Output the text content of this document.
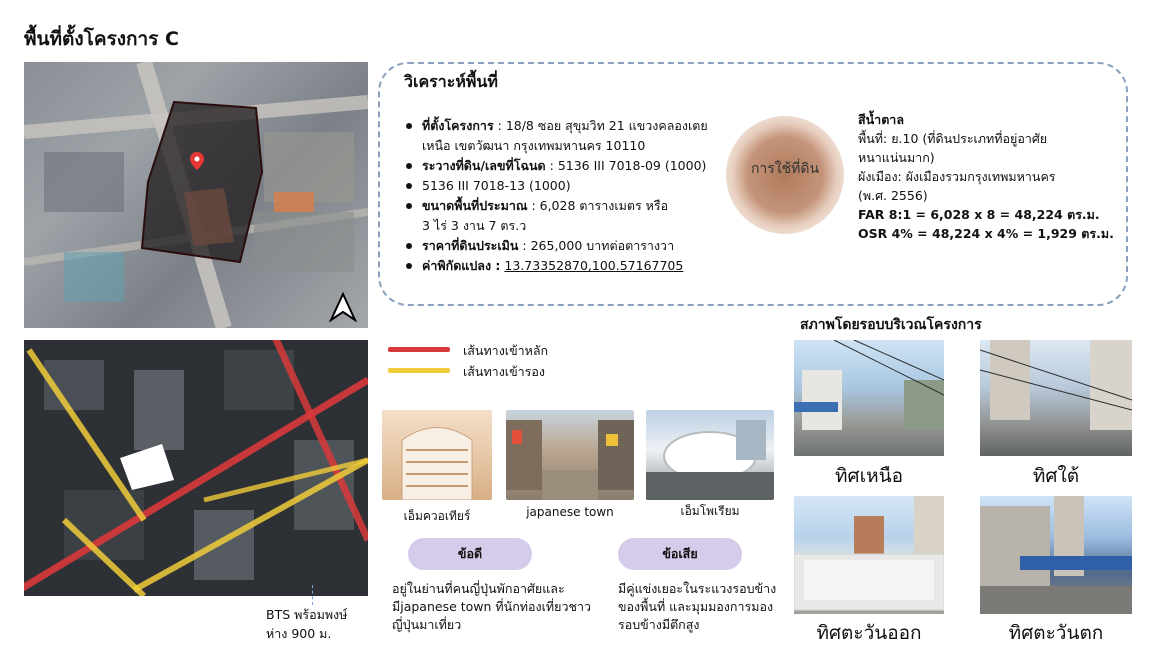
พื้นที่ตั้งโครงการ C
BTS พร้อมพงษ์
ห่าง 900 ม.
วิเคราะห์พื้นที่
ที่ตั้งโครงการ : 18/8 ซอย สุขุมวิท 21 แขวงคลองเตย
เหนือ เขตวัฒนา กรุงเทพมหานคร 10110
ระวางที่ดิน/เลขที่โฉนด : 5136 III 7018-09 (1000)
5136 III 7018-13 (1000)
ขนาดพื้นที่ประมาณ : 6,028 ตารางเมตร หรือ
3 ไร่ 3 งาน 7 ตร.ว
ราคาที่ดินประเมิน : 265,000 บาทต่อตารางวา
ค่าพิกัดแปลง : 13.73352870,100.57167705
การใช้ที่ดิน
สีน้ำตาล
พื้นที่: ย.10 (ที่ดินประเภทที่อยู่อาศัย
หนาแน่นมาก)
ผังเมือง: ผังเมืองรวมกรุงเทพมหานคร
(พ.ศ. 2556)
FAR 8:1 = 6,028 x 8 = 48,224 ตร.ม.
OSR 4% = 48,224 x 4% = 1,929 ตร.ม.
เส้นทางเข้าหลัก
เส้นทางเข้ารอง
เอ็มควอเทียร์	japanese town	เอ็มโพเรียม
ข้อดี	ข้อเสีย
อยู่ในย่านที่คนญี่ปุ่นพักอาศัยและมีjapanese town ที่นักท่องเที่ยวชาวญี่ปุ่นมาเที่ยว
มีคู่แข่งเยอะในระแวงรอบข้างของพื้นที่ และมุมมองการมองรอบข้างมีตึกสูง
สภาพโดยรอบบริเวณโครงการ
ทิศเหนือ	ทิศใต้
ทิศตะวันออก	ทิศตะวันตก
